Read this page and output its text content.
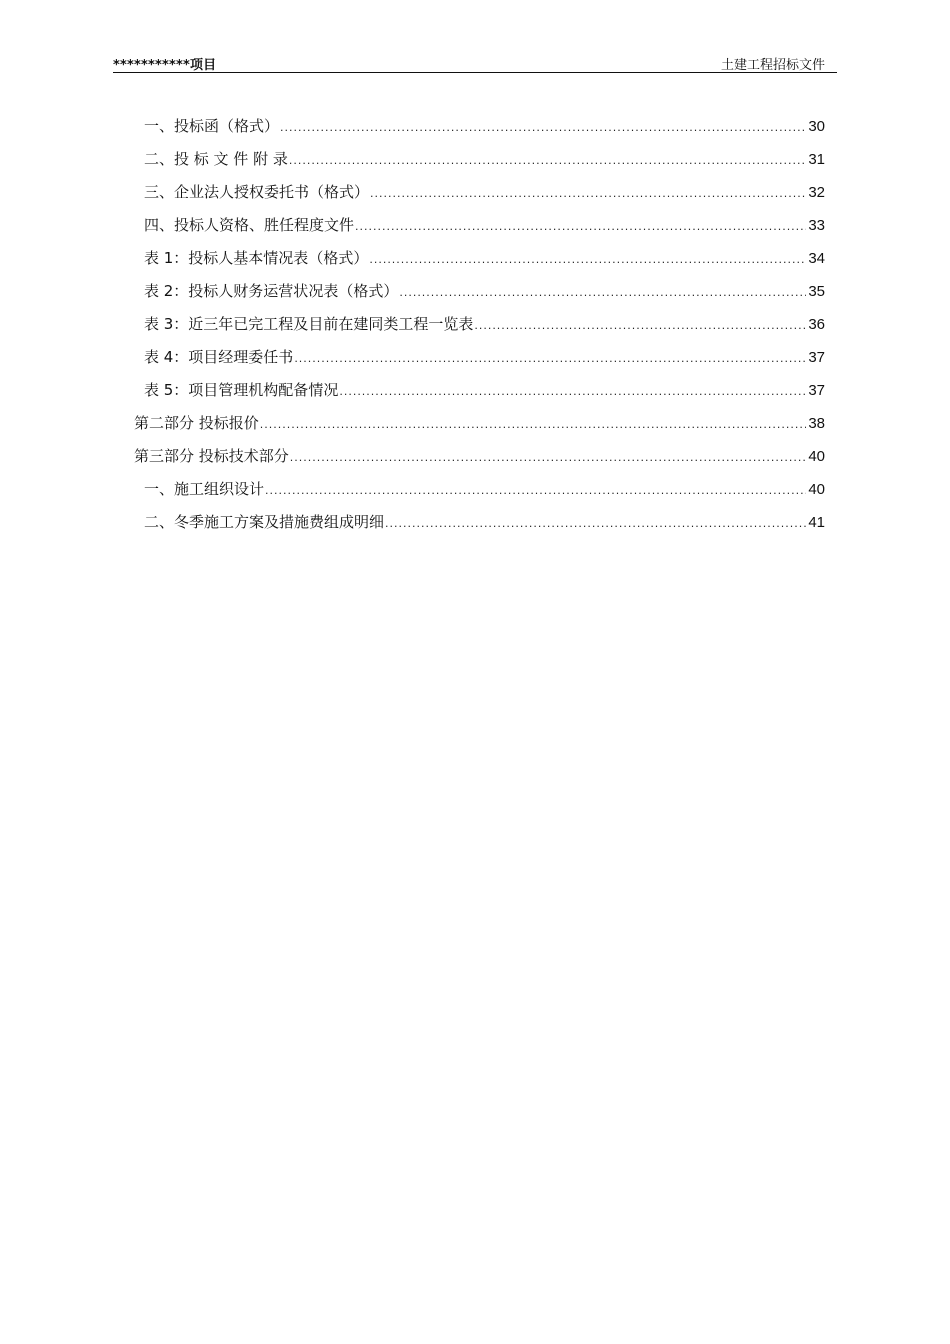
***********项目	土建工程招标文件
一、投标函（格式） .....	30
二、投 标 文 件 附 录 .....	31
三、企业法人授权委托书（格式） .....	32
四、投标人资格、胜任程度文件 .....	33
表 1：投标人基本情况表（格式） .....	34
表 2：投标人财务运营状况表（格式） .....	35
表 3：近三年已完工程及目前在建同类工程一览表 .....	36
表 4：项目经理委任书 .....	37
表 5：项目管理机构配备情况 .....	37
第二部分 投标报价 .....	38
第三部分 投标技术部分 .....	40
一、施工组织设计 .....	40
二、冬季施工方案及措施费组成明细 .....	41
